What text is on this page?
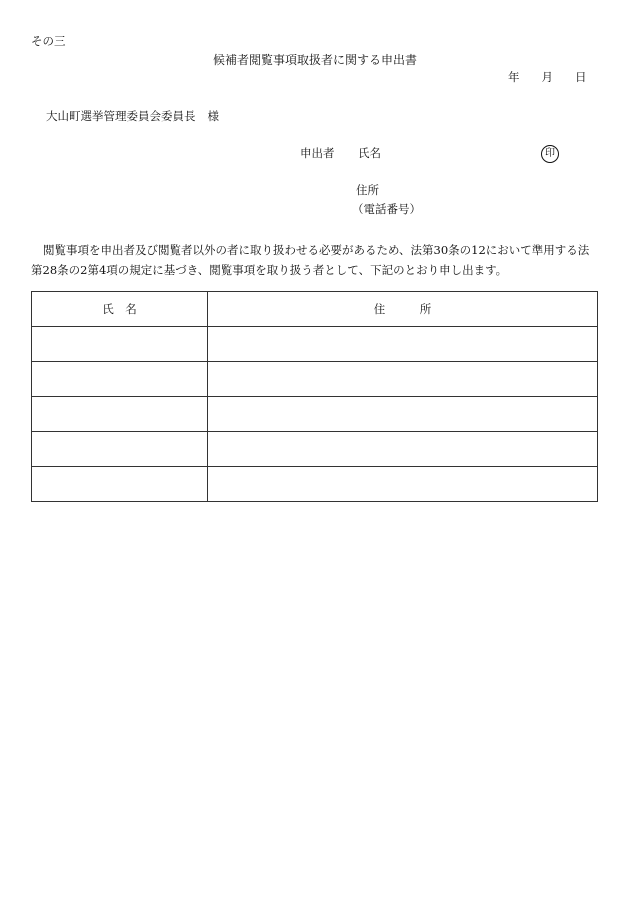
その三
候補者閲覧事項取扱者に関する申出書
年 月 日
大山町選挙管理委員会委員長 様
申出者 氏名	印
住所
（電話番号）
閲覧事項を申出者及び閲覧者以外の者に取り扱わせる必要があるため、法第30条の12において準用する法
第28条の2第4項の規定に基づき、閲覧事項を取り扱う者として、下記のとおり申し出ます。
氏　名	住　　　所
